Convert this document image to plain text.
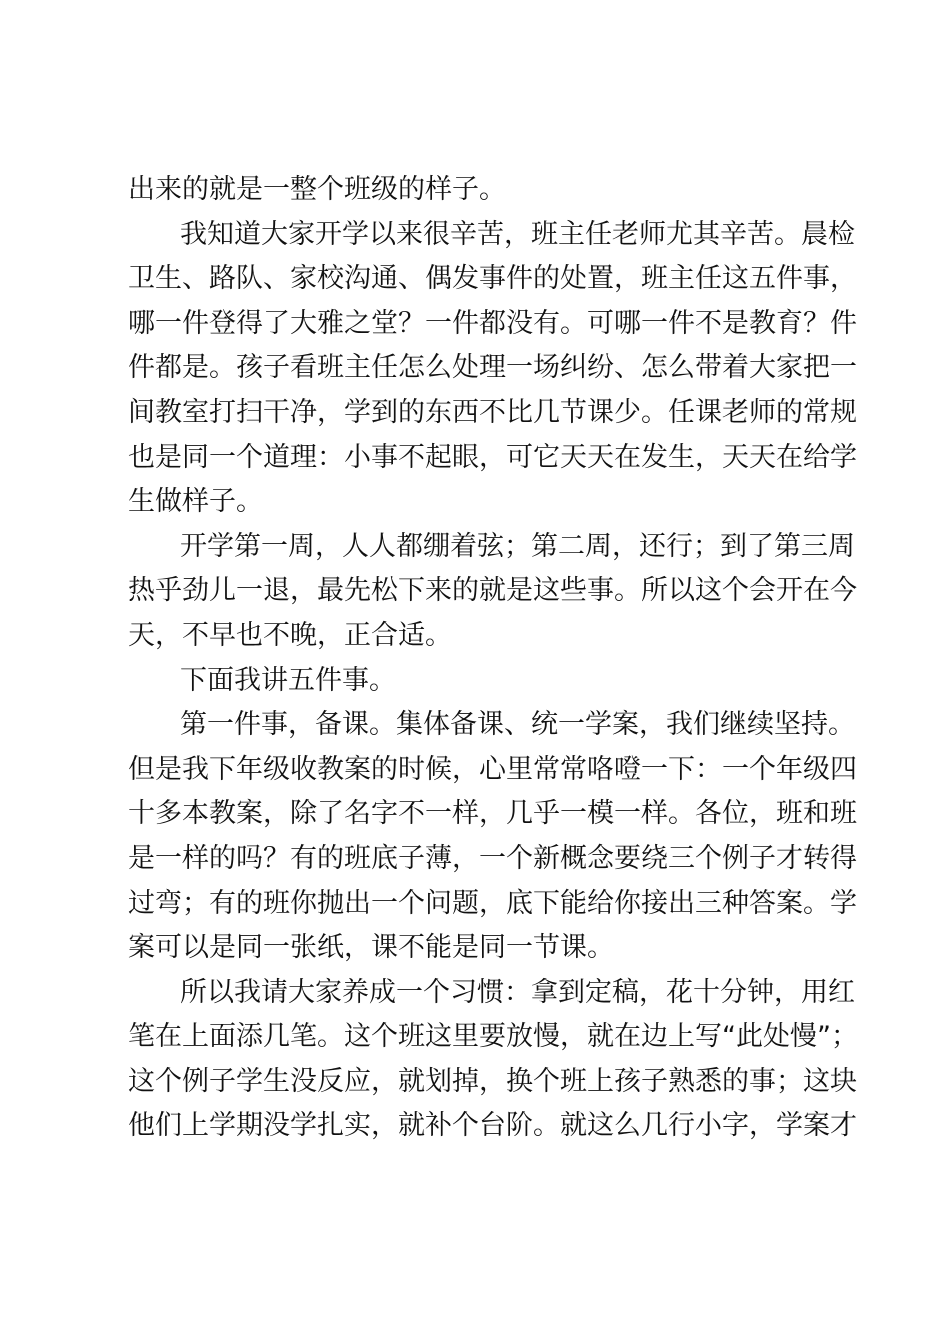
出来的就是一整个班级的样子。
我知道大家开学以来很辛苦，班主任老师尤其辛苦。晨检
卫生、路队、家校沟通、偶发事件的处置，班主任这五件事，
哪一件登得了大雅之堂？一件都没有。可哪一件不是教育？件
件都是。孩子看班主任怎么处理一场纠纷、怎么带着大家把一
间教室打扫干净，学到的东西不比几节课少。任课老师的常规
也是同一个道理：小事不起眼，可它天天在发生，天天在给学
生做样子。
开学第一周，人人都绷着弦；第二周，还行；到了第三周
热乎劲儿一退，最先松下来的就是这些事。所以这个会开在今
天，不早也不晚，正合适。
下面我讲五件事。
第一件事，备课。集体备课、统一学案，我们继续坚持。
但是我下年级收教案的时候，心里常常咯噔一下：一个年级四
十多本教案，除了名字不一样，几乎一模一样。各位，班和班
是一样的吗？有的班底子薄，一个新概念要绕三个例子才转得
过弯；有的班你抛出一个问题，底下能给你接出三种答案。学
案可以是同一张纸，课不能是同一节课。
所以我请大家养成一个习惯：拿到定稿，花十分钟，用红
笔在上面添几笔。这个班这里要放慢，就在边上写“此处慢”；
这个例子学生没反应，就划掉，换个班上孩子熟悉的事；这块
他们上学期没学扎实，就补个台阶。就这么几行小字，学案才
